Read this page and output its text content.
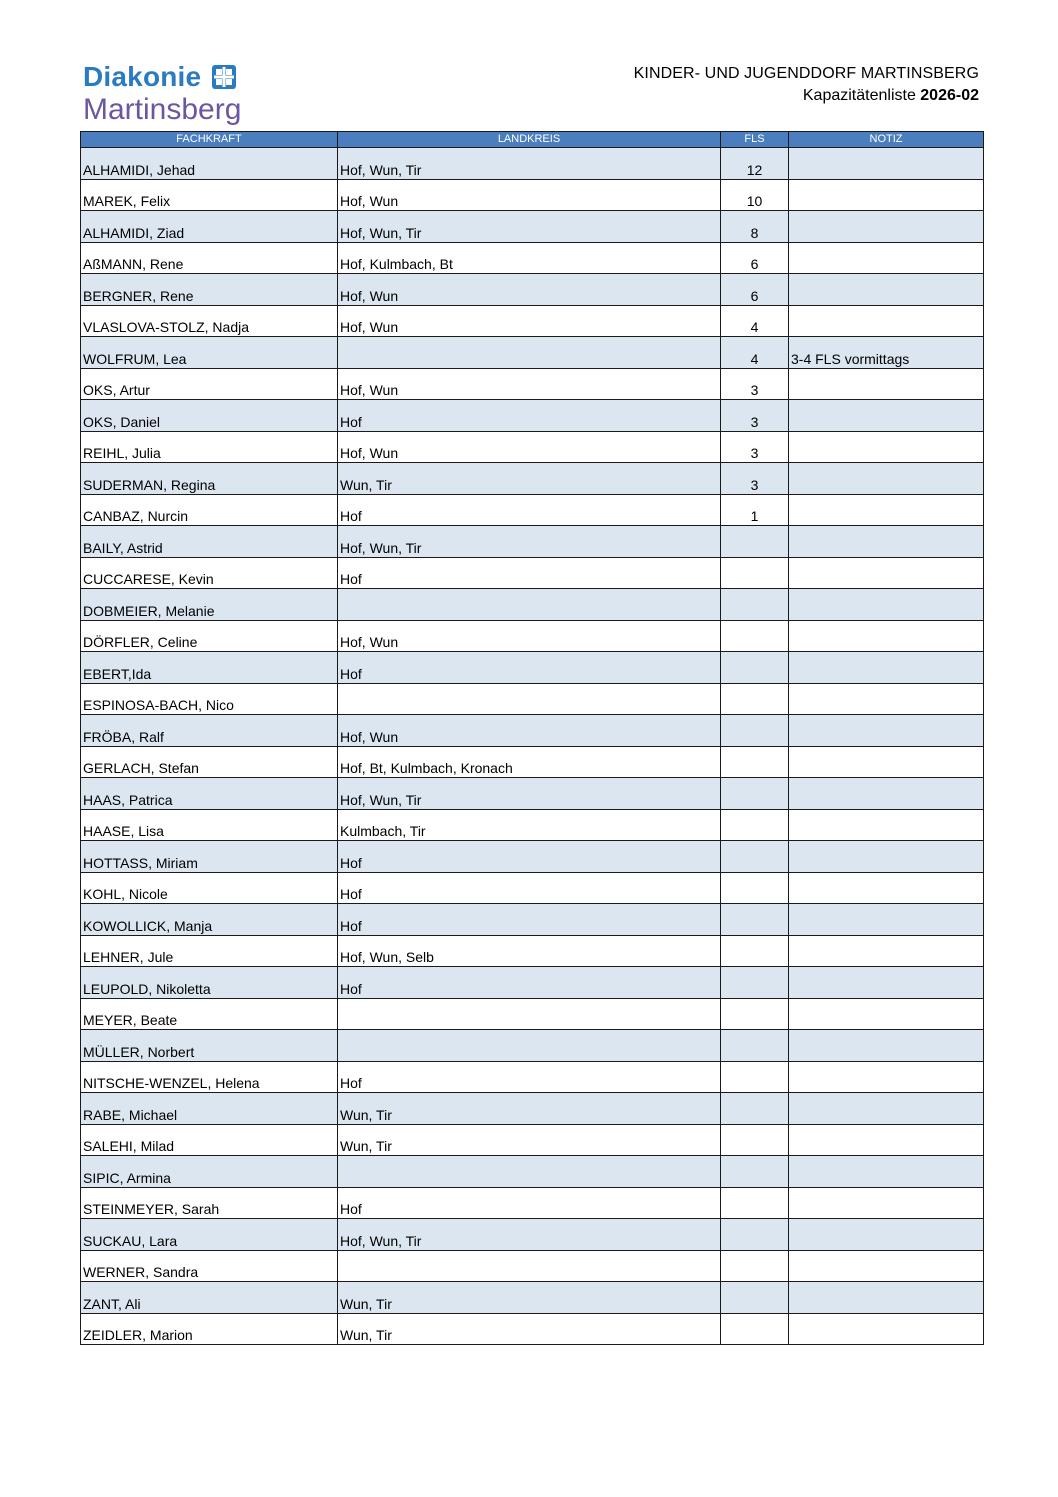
Diakonie
Martinsberg
KINDER- UND JUGENDDORF MARTINSBERG
Kapazitätenliste 2026-02
FACHKRAFT	LANDKREIS	FLS	NOTIZ
ALHAMIDI, Jehad	Hof, Wun, Tir	12	
MAREK, Felix	Hof, Wun	10	
ALHAMIDI, Ziad	Hof, Wun, Tir	8	
AßMANN, Rene	Hof, Kulmbach, Bt	6	
BERGNER, Rene	Hof, Wun	6	
VLASLOVA-STOLZ, Nadja	Hof, Wun	4	
WOLFRUM, Lea		4	3-4 FLS vormittags
OKS, Artur	Hof, Wun	3	
OKS, Daniel	Hof	3	
REIHL, Julia	Hof, Wun	3	
SUDERMAN, Regina	Wun, Tir	3	
CANBAZ, Nurcin	Hof	1	
BAILY, Astrid	Hof, Wun, Tir		
CUCCARESE, Kevin	Hof		
DOBMEIER, Melanie			
DÖRFLER, Celine	Hof, Wun		
EBERT,Ida	Hof		
ESPINOSA-BACH, Nico			
FRÖBA, Ralf	Hof, Wun		
GERLACH, Stefan	Hof, Bt, Kulmbach, Kronach		
HAAS, Patrica	Hof, Wun, Tir		
HAASE, Lisa	Kulmbach, Tir		
HOTTASS, Miriam	Hof		
KOHL, Nicole	Hof		
KOWOLLICK, Manja	Hof		
LEHNER, Jule	Hof, Wun, Selb		
LEUPOLD, Nikoletta	Hof		
MEYER, Beate			
MÜLLER, Norbert			
NITSCHE-WENZEL, Helena	Hof		
RABE, Michael	Wun, Tir		
SALEHI, Milad	Wun, Tir		
SIPIC, Armina			
STEINMEYER, Sarah	Hof		
SUCKAU, Lara	Hof, Wun, Tir		
WERNER, Sandra			
ZANT, Ali	Wun, Tir		
ZEIDLER, Marion	Wun, Tir		
